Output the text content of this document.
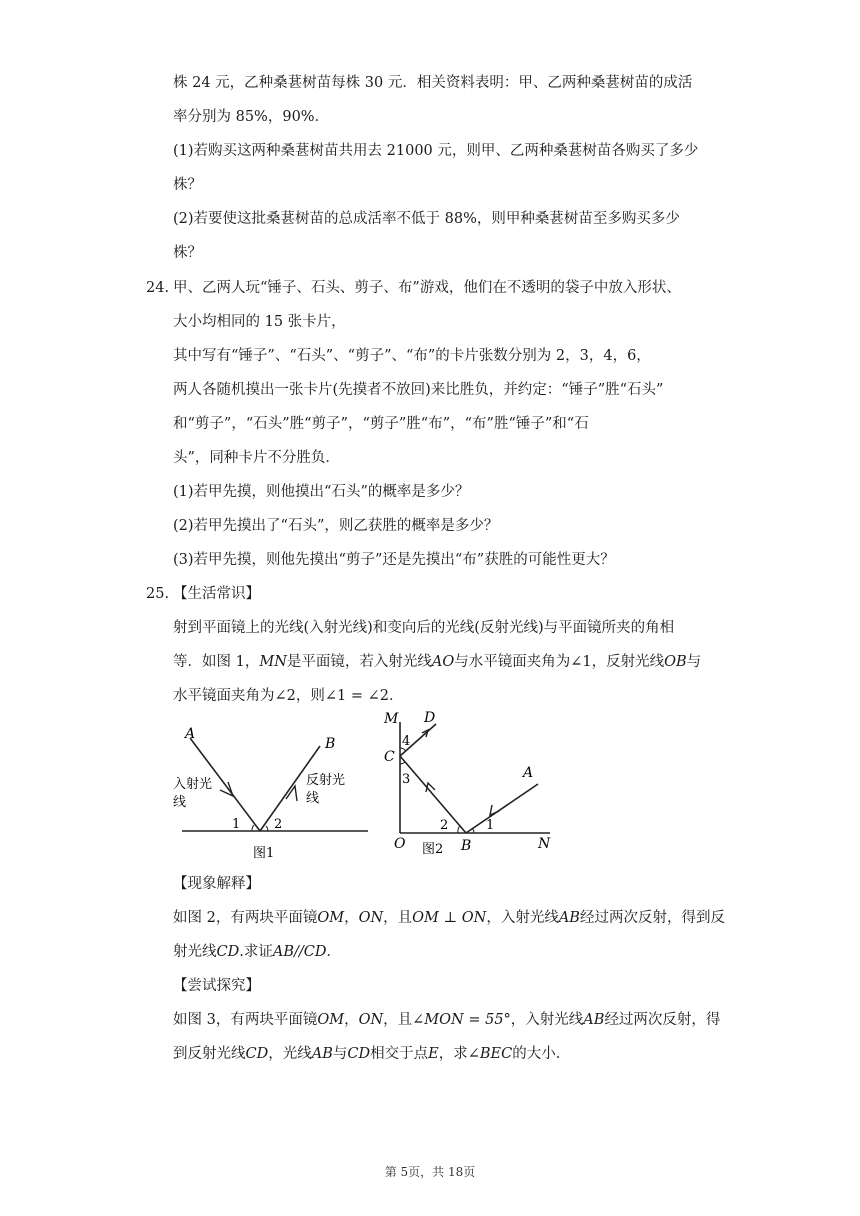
株 24 元，乙种桑葚树苗每株 30 元．相关资料表明：甲、乙两种桑葚树苗的成活
率分别为 85%，90%．
(1)若购买这两种桑葚树苗共用去 21000 元，则甲、乙两种桑葚树苗各购买了多少
株？
(2)若要使这批桑葚树苗的总成活率不低于 88%，则甲种桑葚树苗至多购买多少
株？
24. 甲、乙两人玩“锤子、石头、剪子、布”游戏，他们在不透明的袋子中放入形状、
大小均相同的 15 张卡片，
其中写有“锤子”、“石头”、“剪子”、“布”的卡片张数分别为 2，3，4，6，
两人各随机摸出一张卡片(先摸者不放回)来比胜负，并约定：“锤子”胜“石头”
和“剪子”，“石头”胜“剪子”，“剪子”胜“布”，“布”胜“锤子”和“石
头”，同种卡片不分胜负．
(1)若甲先摸，则他摸出“石头”的概率是多少？
(2)若甲先摸出了“石头”，则乙获胜的概率是多少？
(3)若甲先摸，则他先摸出“剪子”还是先摸出“布”获胜的可能性更大？
25. 【生活常识】
射到平面镜上的光线(入射光线)和变向后的光线(反射光线)与平面镜所夹的角相
等．如图 1，MN是平面镜，若入射光线AO与水平镜面夹角为∠1，反射光线OB与
水平镜面夹角为∠2，则∠1 = ∠2．
A
B
入射光
线
反射光
线
1	2
图1
M D
4
C
3	A
2	1
O	B	N
图2
【现象解释】
如图 2，有两块平面镜OM，ON，且OM ⊥ ON，入射光线AB经过两次反射，得到反
射光线CD.求证AB//CD．
【尝试探究】
如图 3，有两块平面镜OM，ON，且∠MON = 55°，入射光线AB经过两次反射，得
到反射光线CD，光线AB与CD相交于点E，求∠BEC的大小．
第 5页，共 18页
